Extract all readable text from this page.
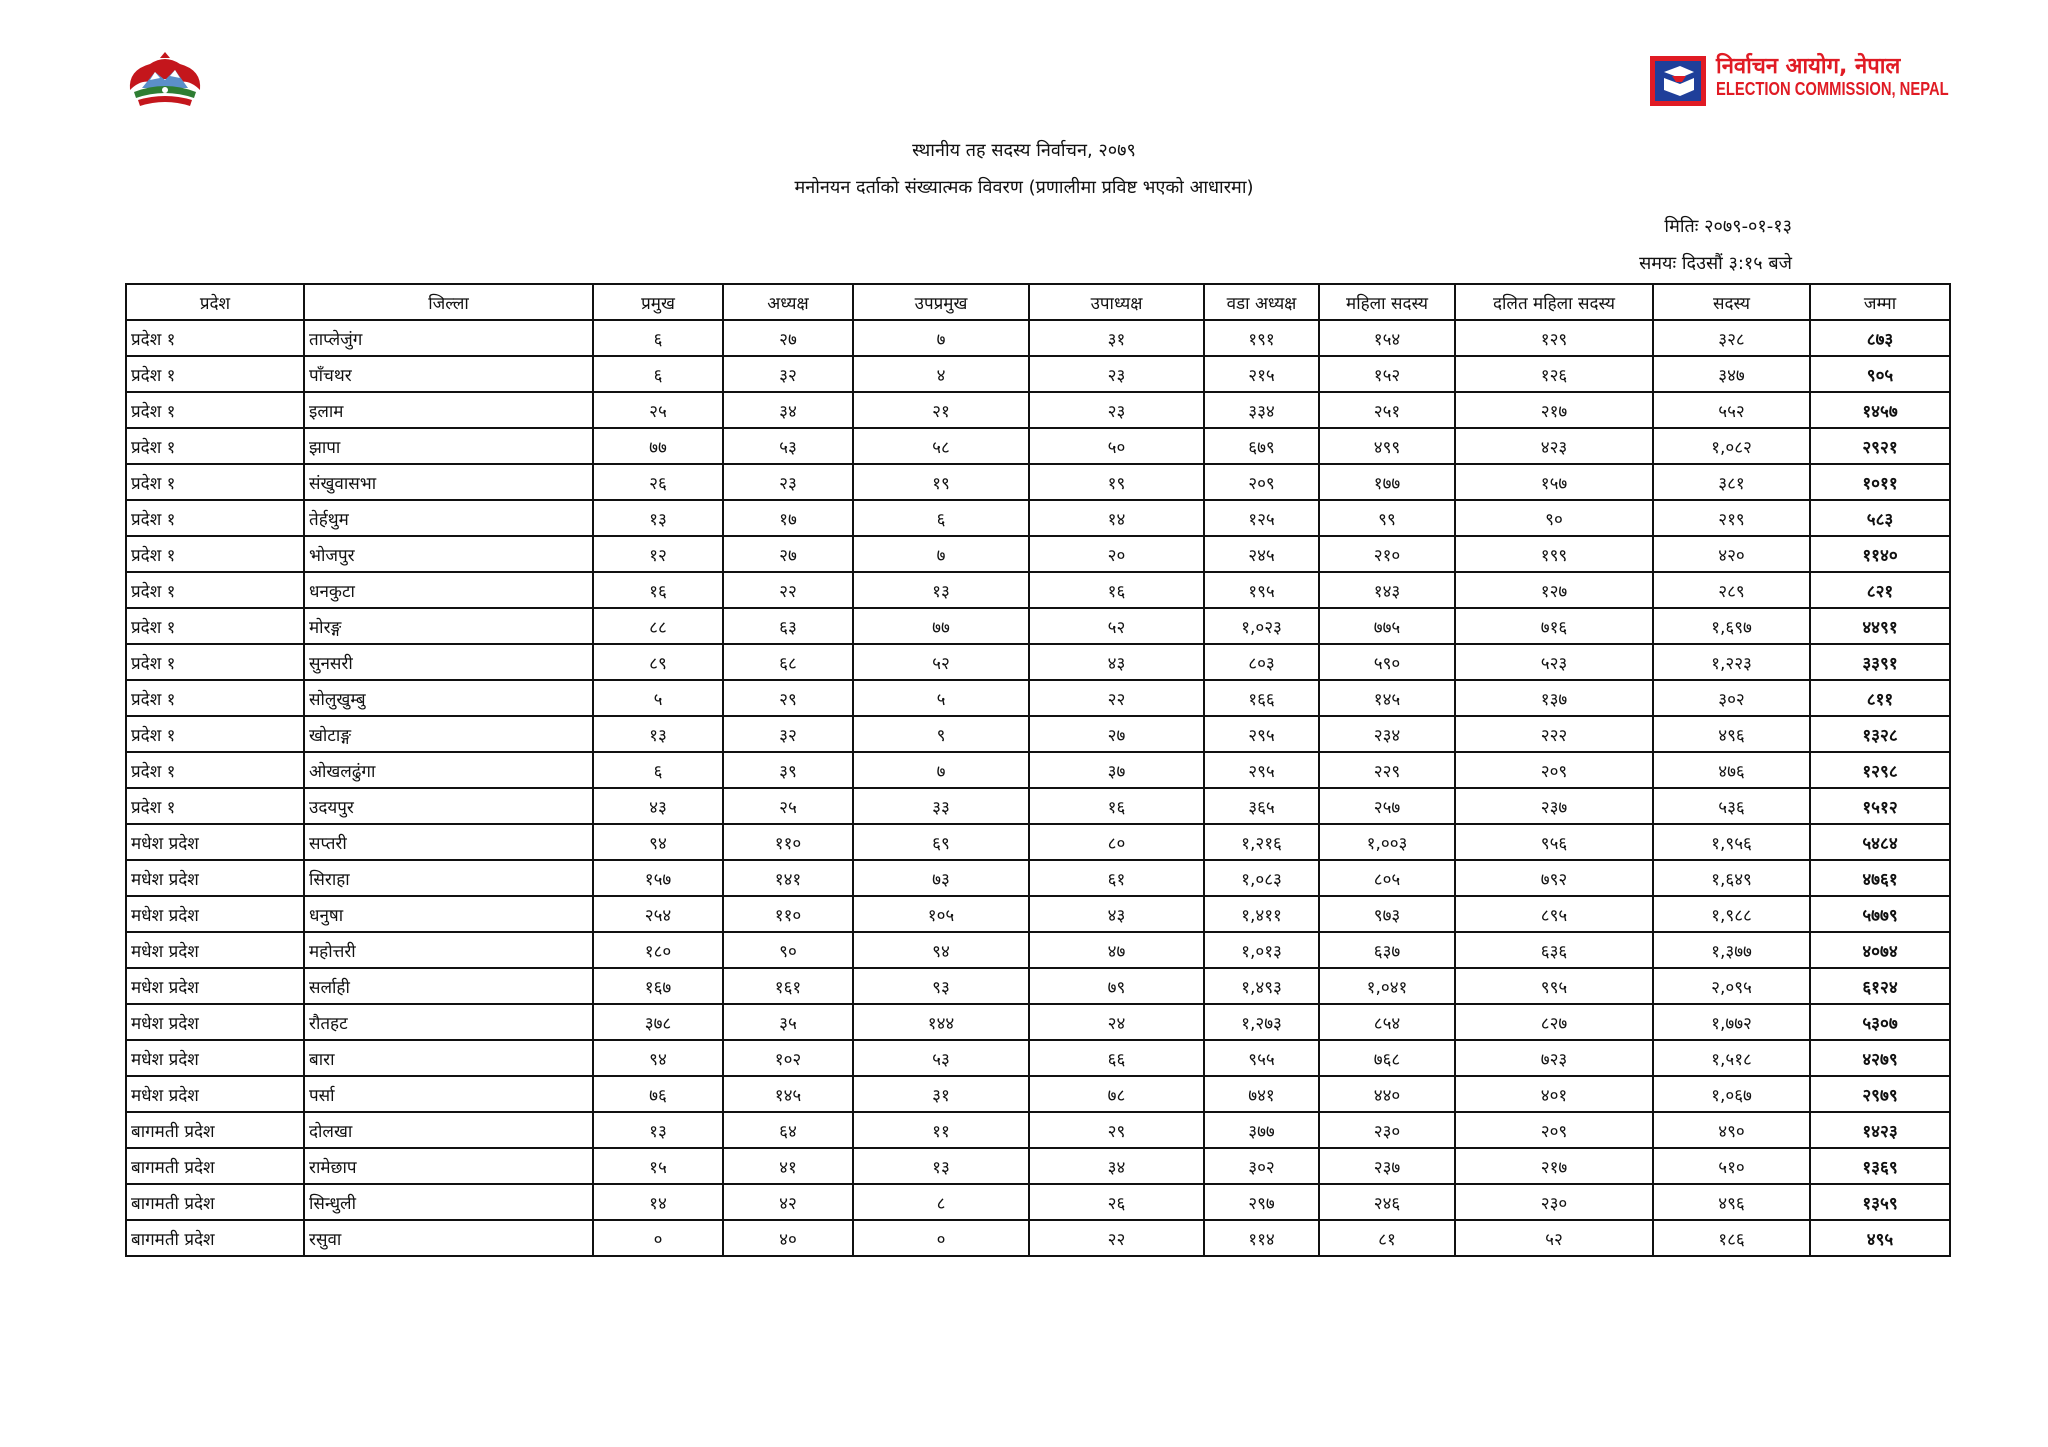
निर्वाचन आयोग, नेपाल
ELECTION COMMISSION, NEPAL
स्थानीय तह सदस्य निर्वाचन, २०७९
मनोनयन दर्ताको संख्यात्मक विवरण (प्रणालीमा प्रविष्ट भएको आधारमा)
मितिः २०७९-०१-१३
समयः दिउसौं ३:१५ बजे
प्रदेश	जिल्ला	प्रमुख	अध्यक्ष	उपप्रमुख	उपाध्यक्ष	वडा अध्यक्ष	महिला सदस्य	दलित महिला सदस्य	सदस्य	जम्मा
प्रदेश १	ताप्लेजुंग	६	२७	७	३१	१९१	१५४	१२९	३२८	८७३
प्रदेश १	पाँचथर	६	३२	४	२३	२१५	१५२	१२६	३४७	९०५
प्रदेश १	इलाम	२५	३४	२१	२३	३३४	२५१	२१७	५५२	१४५७
प्रदेश १	झापा	७७	५३	५८	५०	६७९	४९९	४२३	१,०८२	२९२१
प्रदेश १	संखुवासभा	२६	२३	१९	१९	२०९	१७७	१५७	३८१	१०११
प्रदेश १	तेर्हथुम	१३	१७	६	१४	१२५	९९	९०	२१९	५८३
प्रदेश १	भोजपुर	१२	२७	७	२०	२४५	२१०	१९९	४२०	११४०
प्रदेश १	धनकुटा	१६	२२	१३	१६	१९५	१४३	१२७	२८९	८२१
प्रदेश १	मोरङ्ग	८८	६३	७७	५२	१,०२३	७७५	७१६	१,६९७	४४९१
प्रदेश १	सुनसरी	८९	६८	५२	४३	८०३	५९०	५२३	१,२२३	३३९१
प्रदेश १	सोलुखुम्बु	५	२९	५	२२	१६६	१४५	१३७	३०२	८११
प्रदेश १	खोटाङ्ग	१३	३२	९	२७	२९५	२३४	२२२	४९६	१३२८
प्रदेश १	ओखलढुंगा	६	३९	७	३७	२९५	२२९	२०९	४७६	१२९८
प्रदेश १	उदयपुर	४३	२५	३३	१६	३६५	२५७	२३७	५३६	१५१२
मधेश प्रदेश	सप्तरी	९४	११०	६९	८०	१,२१६	१,००३	९५६	१,९५६	५४८४
मधेश प्रदेश	सिराहा	१५७	१४१	७३	६१	१,०८३	८०५	७९२	१,६४९	४७६१
मधेश प्रदेश	धनुषा	२५४	११०	१०५	४३	१,४११	९७३	८९५	१,९८८	५७७९
मधेश प्रदेश	महोत्तरी	१८०	९०	९४	४७	१,०१३	६३७	६३६	१,३७७	४०७४
मधेश प्रदेश	सर्लाही	१६७	१६१	९३	७९	१,४९३	१,०४१	९९५	२,०९५	६१२४
मधेश प्रदेश	रौतहट	३७८	३५	१४४	२४	१,२७३	८५४	८२७	१,७७२	५३०७
मधेश प्रदेश	बारा	९४	१०२	५३	६६	९५५	७६८	७२३	१,५१८	४२७९
मधेश प्रदेश	पर्सा	७६	१४५	३१	७८	७४१	४४०	४०१	१,०६७	२९७९
बागमती प्रदेश	दोलखा	१३	६४	११	२९	३७७	२३०	२०९	४९०	१४२३
बागमती प्रदेश	रामेछाप	१५	४१	१३	३४	३०२	२३७	२१७	५१०	१३६९
बागमती प्रदेश	सिन्धुली	१४	४२	८	२६	२९७	२४६	२३०	४९६	१३५९
बागमती प्रदेश	रसुवा	०	४०	०	२२	११४	८१	५२	१८६	४९५
